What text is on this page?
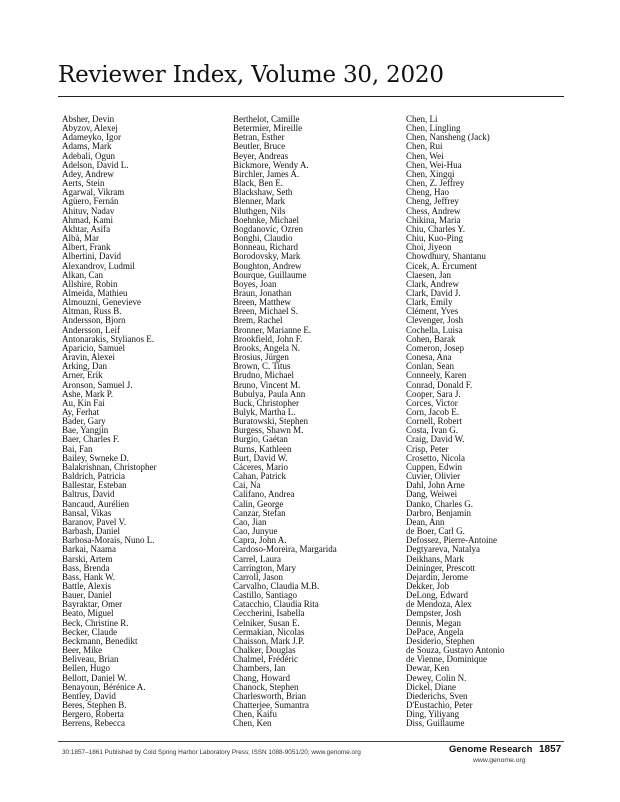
Reviewer Index, Volume 30, 2020
Absher, Devin
Abyzov, Alexej
Adameyko, Igor
Adams, Mark
Adebali, Ogun
Adelson, David L.
Adey, Andrew
Aerts, Stein
Agarwal, Vikram
Agüero, Fernán
Ahituv, Nadav
Ahmad, Kami
Akhtar, Asifa
Albà, Mar
Albert, Frank
Albertini, David
Alexandrov, Ludmil
Alkan, Can
Allshire, Robin
Almeida, Mathieu
Almouzni, Genevieve
Altman, Russ B.
Andersson, Bjorn
Andersson, Leif
Antonarakis, Stylianos E.
Aparicio, Samuel
Aravin, Alexei
Arking, Dan
Arner, Erik
Aronson, Samuel J.
Ashe, Mark P.
Au, Kin Fai
Ay, Ferhat
Bader, Gary
Bae, Yangjin
Baer, Charles F.
Bai, Fan
Bailey, Swneke D.
Balakrishnan, Christopher
Baldrich, Patricia
Ballestar, Esteban
Baltrus, David
Bancaud, Aurélien
Bansal, Vikas
Baranov, Pavel V.
Barbash, Daniel
Barbosa-Morais, Nuno L.
Barkai, Naama
Barski, Artem
Bass, Brenda
Bass, Hank W.
Battle, Alexis
Bauer, Daniel
Bayraktar, Omer
Beato, Miguel
Beck, Christine R.
Becker, Claude
Beckmann, Benedikt
Beer, Mike
Beliveau, Brian
Bellen, Hugo
Bellott, Daniel W.
Benayoun, Bérénice A.
Bentley, David
Beres, Stephen B.
Bergero, Roberta
Berrens, Rebecca
Berthelot, Camille
Betermier, Mireille
Betran, Esther
Beutler, Bruce
Beyer, Andreas
Bickmore, Wendy A.
Birchler, James A.
Black, Ben E.
Blackshaw, Seth
Blenner, Mark
Bluthgen, Nils
Boehnke, Michael
Bogdanovic, Ozren
Bonghi, Claudio
Bonneau, Richard
Borodovsky, Mark
Boughton, Andrew
Bourque, Guillaume
Boyes, Joan
Braun, Jonathan
Breen, Matthew
Breen, Michael S.
Brem, Rachel
Bronner, Marianne E.
Brookfield, John F.
Brooks, Angela N.
Brosius, Jürgen
Brown, C. Titus
Brudno, Michael
Bruno, Vincent M.
Bubulya, Paula Ann
Buck, Christopher
Bulyk, Martha L.
Buratowski, Stephen
Burgess, Shawn M.
Burgio, Gaétan
Burns, Kathleen
Burt, David W.
Cáceres, Mario
Cahan, Patrick
Cai, Na
Califano, Andrea
Calin, George
Canzar, Stefan
Cao, Jian
Cao, Junyue
Capra, John A.
Cardoso-Moreira, Margarida
Carrel, Laura
Carrington, Mary
Carroll, Jason
Carvalho, Claudia M.B.
Castillo, Santiago
Catacchio, Claudia Rita
Ceccherini, Isabella
Celniker, Susan E.
Cermakian, Nicolas
Chaisson, Mark J.P.
Chalker, Douglas
Chalmel, Frédéric
Chambers, Ian
Chang, Howard
Chanock, Stephen
Charlesworth, Brian
Chatterjee, Sumantra
Chen, Kaifu
Chen, Ken
Chen, Li
Chen, Lingling
Chen, Nansheng (Jack)
Chen, Rui
Chen, Wei
Chen, Wei-Hua
Chen, Xingqi
Chen, Z. Jeffrey
Cheng, Hao
Cheng, Jeffrey
Chess, Andrew
Chikina, Maria
Chiu, Charles Y.
Chiu, Kuo-Ping
Choi, Jiyeon
Chowdhury, Shantanu
Cicek, A. Ercument
Claesen, Jan
Clark, Andrew
Clark, David J.
Clark, Emily
Clément, Yves
Clevenger, Josh
Cochella, Luisa
Cohen, Barak
Comeron, Josep
Conesa, Ana
Conlan, Sean
Conneely, Karen
Conrad, Donald F.
Cooper, Sara J.
Corces, Victor
Corn, Jacob E.
Cornell, Robert
Costa, Ivan G.
Craig, David W.
Crisp, Peter
Crosetto, Nicola
Cuppen, Edwin
Cuvier, Olivier
Dahl, John Arne
Dang, Weiwei
Danko, Charles G.
Darbro, Benjamin
Dean, Ann
de Boer, Carl G.
Defossez, Pierre-Antoine
Degtyareva, Natalya
Deikhans, Mark
Deininger, Prescott
Dejardin, Jerome
Dekker, Job
DeLong, Edward
de Mendoza, Alex
Dempster, Josh
Dennis, Megan
DePace, Angela
Desiderio, Stephen
de Souza, Gustavo Antonio
de Vienne, Dominique
Dewar, Ken
Dewey, Colin N.
Dickel, Diane
Diederichs, Sven
D'Eustachio, Peter
Ding, Yiliyang
Diss, Guillaume
30:1857–1861 Published by Cold Spring Harbor Laboratory Press; ISSN 1088-9051/20; www.genome.org	Genome Research 1857
www.genome.org
